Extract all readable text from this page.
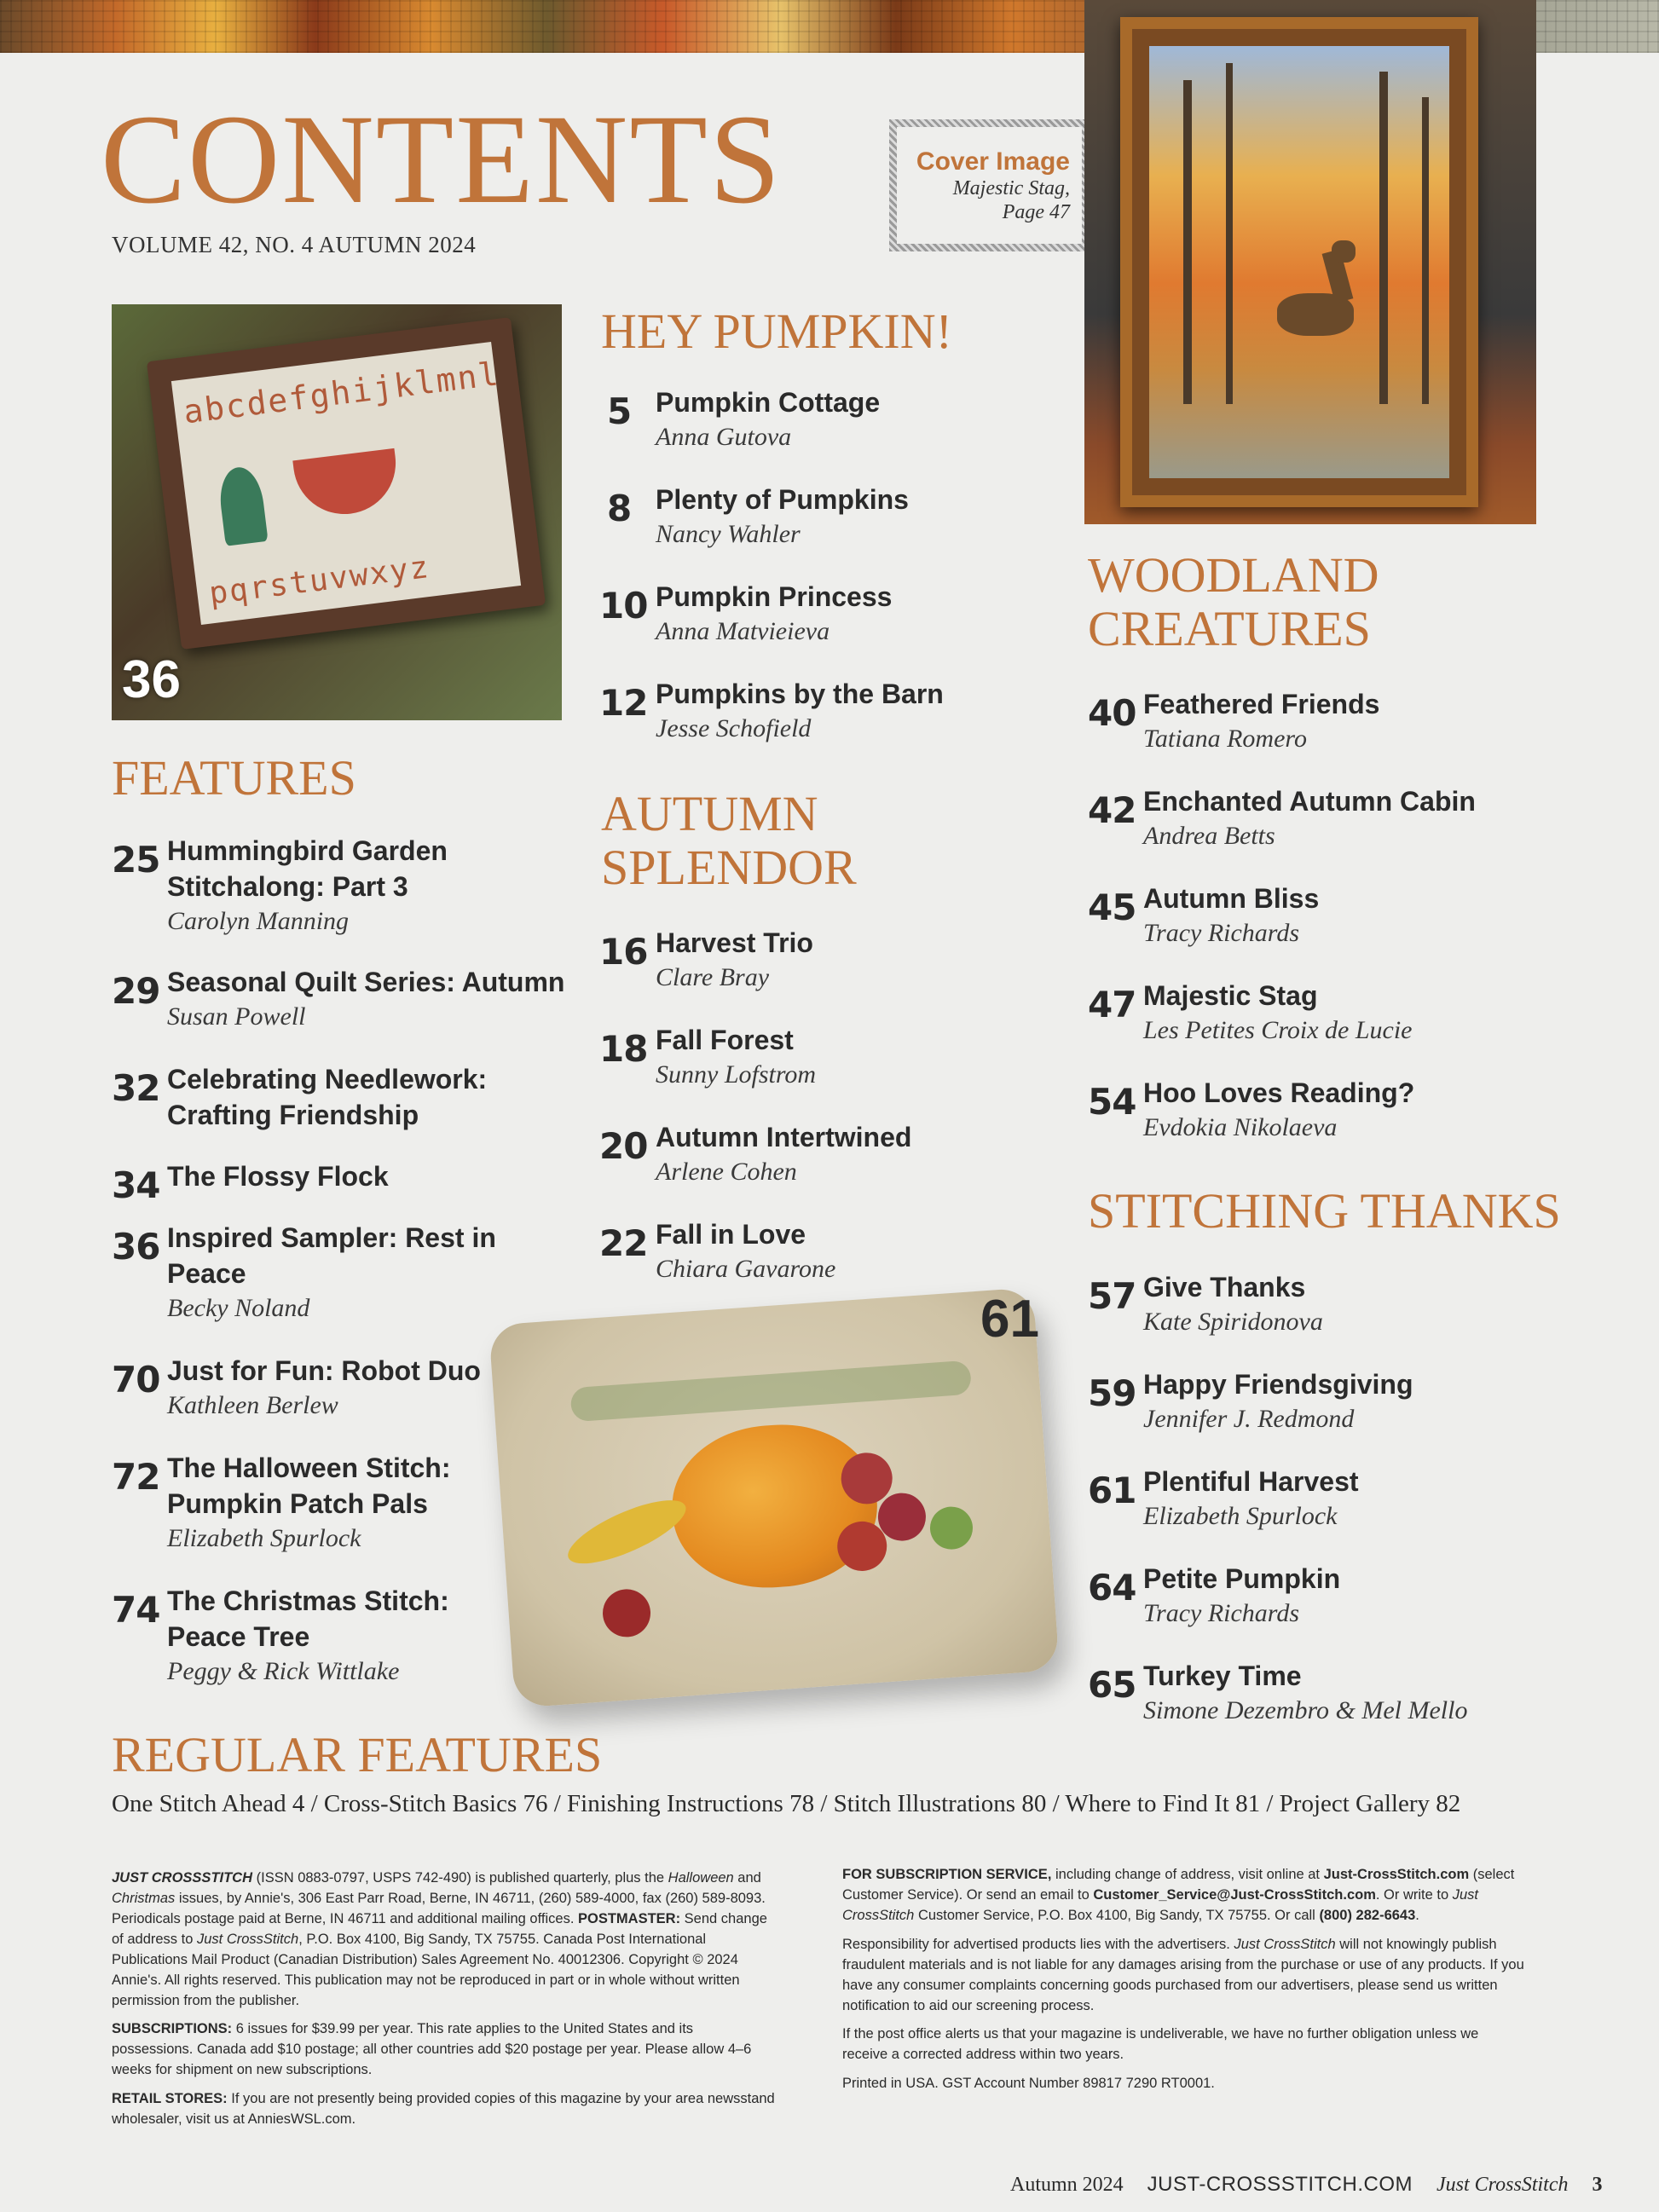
CONTENTS
VOLUME 42, NO. 4 AUTUMN 2024
Cover Image
Majestic Stag,
Page 47
abcdefghijklmnl
pqrstuvwxyz
36
61
HEY PUMPKIN!
5 Pumpkin Cottage
Anna Gutova
8 Plenty of Pumpkins
Nancy Wahler
10 Pumpkin Princess
Anna Matvieieva
12 Pumpkins by the Barn
Jesse Schofield
AUTUMN
SPLENDOR
16 Harvest Trio
Clare Bray
18 Fall Forest
Sunny Lofstrom
20 Autumn Intertwined
Arlene Cohen
22 Fall in Love
Chiara Gavarone
FEATURES
25 Hummingbird Garden
Stitchalong: Part 3
Carolyn Manning
29 Seasonal Quilt Series: Autumn
Susan Powell
32 Celebrating Needlework:
Crafting Friendship
34 The Flossy Flock
36 Inspired Sampler: Rest in
Peace
Becky Noland
70 Just for Fun: Robot Duo
Kathleen Berlew
72 The Halloween Stitch:
Pumpkin Patch Pals
Elizabeth Spurlock
74 The Christmas Stitch:
Peace Tree
Peggy & Rick Wittlake
WOODLAND
CREATURES
40 Feathered Friends
Tatiana Romero
42 Enchanted Autumn Cabin
Andrea Betts
45 Autumn Bliss
Tracy Richards
47 Majestic Stag
Les Petites Croix de Lucie
54 Hoo Loves Reading?
Evdokia Nikolaeva
STITCHING THANKS
57 Give Thanks
Kate Spiridonova
59 Happy Friendsgiving
Jennifer J. Redmond
61 Plentiful Harvest
Elizabeth Spurlock
64 Petite Pumpkin
Tracy Richards
65 Turkey Time
Simone Dezembro & Mel Mello
REGULAR FEATURES
One Stitch Ahead 4 / Cross-Stitch Basics 76 / Finishing Instructions 78 / Stitch Illustrations 80 / Where to Find It 81 / Project Gallery 82

JUST CROSSSTITCH (ISSN 0883-0797, USPS 742-490) is published quarterly, plus the Halloween and Christmas issues, by Annie's, 306 East Parr Road, Berne, IN 46711, (260) 589-4000, fax (260) 589-8093. Periodicals postage paid at Berne, IN 46711 and additional mailing offices. POSTMASTER: Send change of address to Just CrossStitch, P.O. Box 4100, Big Sandy, TX 75755. Canada Post International Publications Mail Product (Canadian Distribution) Sales Agreement No. 40012306. Copyright © 2024 Annie's. All rights reserved. This publication may not be reproduced in part or in whole without written permission from the publisher.

SUBSCRIPTIONS: 6 issues for $39.99 per year. This rate applies to the United States and its possessions. Canada add $10 postage; all other countries add $20 postage per year. Please allow 4–6 weeks for shipment on new subscriptions.

RETAIL STORES: If you are not presently being provided copies of this magazine by your area newsstand wholesaler, visit us at AnniesWSL.com.

FOR SUBSCRIPTION SERVICE, including change of address, visit online at Just-CrossStitch.com (select Customer Service). Or send an email to Customer_Service@Just-CrossStitch.com. Or write to Just CrossStitch Customer Service, P.O. Box 4100, Big Sandy, TX 75755. Or call (800) 282-6643.

Responsibility for advertised products lies with the advertisers. Just CrossStitch will not knowingly publish fraudulent materials and is not liable for any damages arising from the purchase or use of any products. If you have any consumer complaints concerning goods purchased from our advertisers, please send us written notification to aid our screening process.

If the post office alerts us that your magazine is undeliverable, we have no further obligation unless we receive a corrected address within two years.

Printed in USA. GST Account Number 89817 7290 RT0001.

Autumn 2024 JUST-CROSSSTITCH.COM Just CrossStitch 3
